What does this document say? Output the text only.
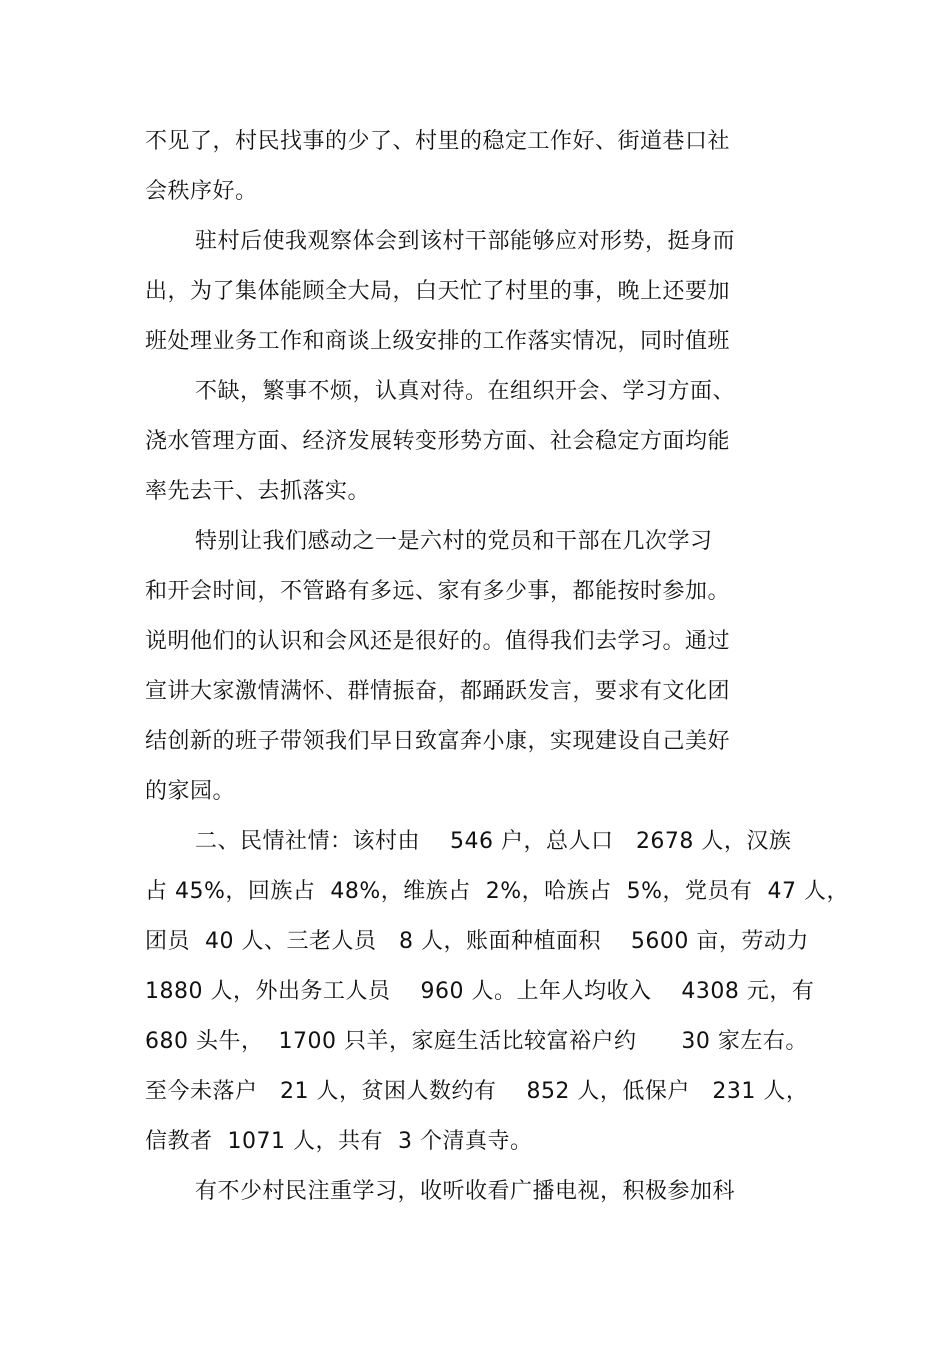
不见了，村民找事的少了、村里的稳定工作好、街道巷口社
会秩序好。
驻村后使我观察体会到该村干部能够应对形势，挺身而
出，为了集体能顾全大局，白天忙了村里的事，晚上还要加
班处理业务工作和商谈上级安排的工作落实情况，同时值班
不缺，繁事不烦，认真对待。在组织开会、学习方面、
浇水管理方面、经济发展转变形势方面、社会稳定方面均能
率先去干、去抓落实。
特别让我们感动之一是六村的党员和干部在几次学习
和开会时间，不管路有多远、家有多少事，都能按时参加。
说明他们的认识和会风还是很好的。值得我们去学习。通过
宣讲大家激情满怀、群情振奋，都踊跃发言，要求有文化团
结创新的班子带领我们早日致富奔小康，实现建设自己美好
的家园。
二、民情社情：该村由    546 户，总人口   2678 人，汉族
占 45%，回族占  48%，维族占  2%，哈族占  5%，党员有  47 人，
团员  40 人、三老人员   8 人，账面种植面积    5600 亩，劳动力
1880 人，外出务工人员    960 人。上年人均收入    4308 元，有
680 头牛，  1700 只羊，家庭生活比较富裕户约      30 家左右。
至今未落户   21 人，贫困人数约有    852 人，低保户   231 人，
信教者  1071 人，共有  3 个清真寺。
有不少村民注重学习，收听收看广播电视，积极参加科
